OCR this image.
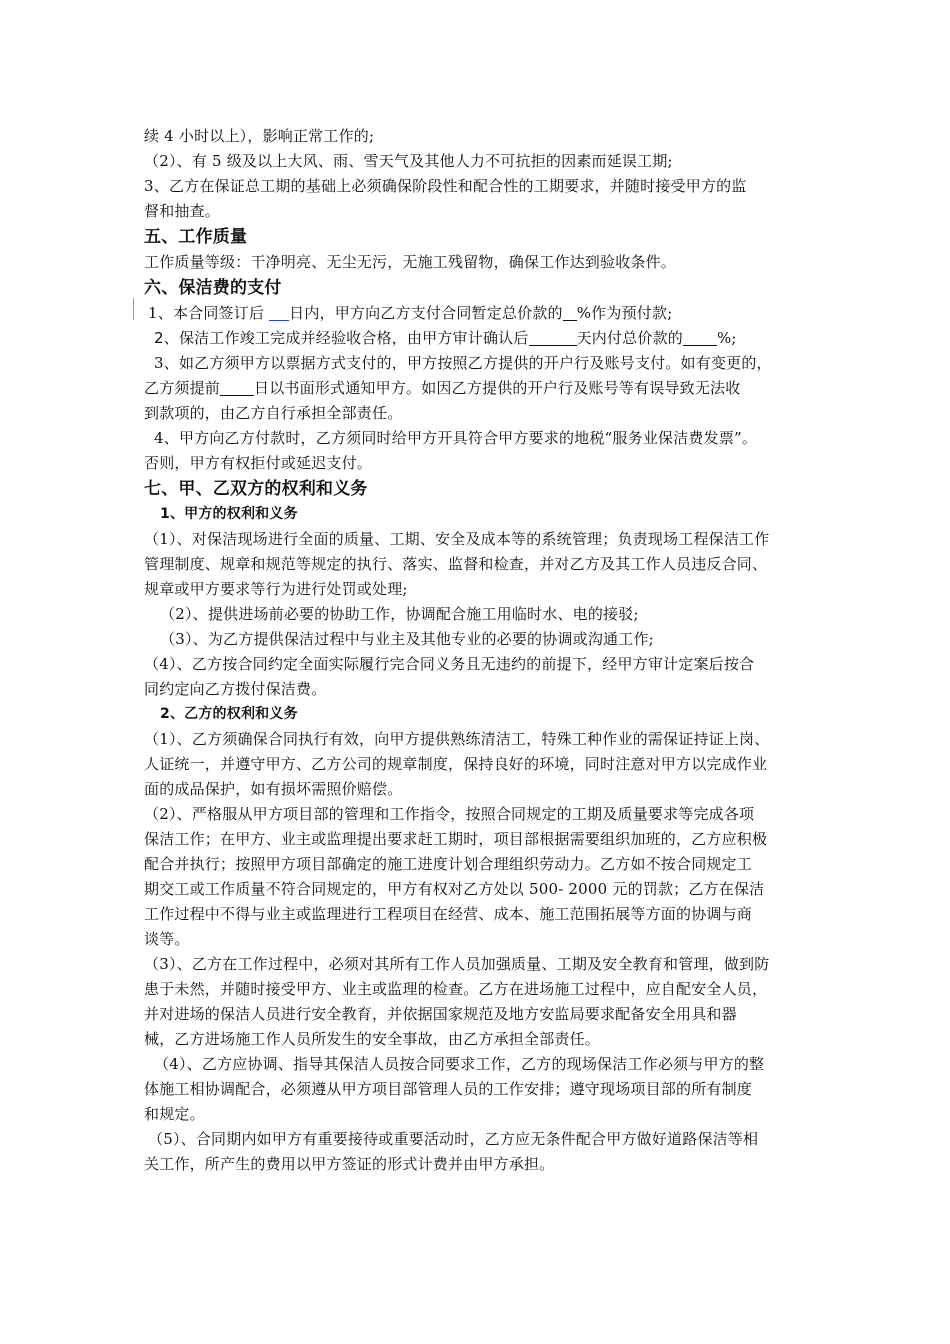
续 4 小时以上），影响正常工作的;
（2）、有 5 级及以上大风、雨、雪天气及其他人力不可抗拒的因素而延误工期;
3、乙方在保证总工期的基础上必须确保阶段性和配合性的工期要求，并随时接受甲方的监
督和抽查。
五、工作质量
工作质量等级：干净明亮、无尘无污，无施工残留物，确保工作达到验收条件。
六、保洁费的支付
1、本合同签订后 日内，甲方向乙方支付合同暂定总价款的 %作为预付款;
2、保洁工作竣工完成并经验收合格，由甲方审计确认后	天内付总价款的 %;
3、如乙方须甲方以票据方式支付的，甲方按照乙方提供的开户行及账号支付。如有变更的，
乙方须提前 日以书面形式通知甲方。如因乙方提供的开户行及账号等有误导致无法收
到款项的，由乙方自行承担全部责任。
4、甲方向乙方付款时，乙方须同时给甲方开具符合甲方要求的地税“服务业保洁费发票”。
否则，甲方有权拒付或延迟支付。
七、甲、乙双方的权利和义务
1、甲方的权利和义务
（1）、对保洁现场进行全面的质量、工期、安全及成本等的系统管理；负责现场工程保洁工作
管理制度、规章和规范等规定的执行、落实、监督和检查，并对乙方及其工作人员违反合同、
规章或甲方要求等行为进行处罚或处理;
（2）、提供进场前必要的协助工作，协调配合施工用临时水、电的接驳;
（3）、为乙方提供保洁过程中与业主及其他专业的必要的协调或沟通工作;
（4）、乙方按合同约定全面实际履行完合同义务且无违约的前提下，经甲方审计定案后按合
同约定向乙方拨付保洁费。
2、乙方的权利和义务
（1）、乙方须确保合同执行有效，向甲方提供熟练清洁工，特殊工种作业的需保证持证上岗、
人证统一，并遵守甲方、乙方公司的规章制度，保持良好的环境，同时注意对甲方以完成作业
面的成品保护，如有损坏需照价赔偿。
（2）、严格服从甲方项目部的管理和工作指令，按照合同规定的工期及质量要求等完成各项
保洁工作；在甲方、业主或监理提出要求赶工期时，项目部根据需要组织加班的，乙方应积极
配合并执行；按照甲方项目部确定的施工进度计划合理组织劳动力。乙方如不按合同规定工
期交工或工作质量不符合同规定的，甲方有权对乙方处以 500- 2000 元的罚款；乙方在保洁
工作过程中不得与业主或监理进行工程项目在经营、成本、施工范围拓展等方面的协调与商
谈等。
（3）、乙方在工作过程中，必须对其所有工作人员加强质量、工期及安全教育和管理，做到防
患于未然，并随时接受甲方、业主或监理的检查。乙方在进场施工过程中，应自配安全人员，
并对进场的保洁人员进行安全教育，并依据国家规范及地方安监局要求配备安全用具和器
械，乙方进场施工作人员所发生的安全事故，由乙方承担全部责任。
（4）、乙方应协调、指导其保洁人员按合同要求工作，乙方的现场保洁工作必须与甲方的整
体施工相协调配合，必须遵从甲方项目部管理人员的工作安排；遵守现场项目部的所有制度
和规定。
（5）、合同期内如甲方有重要接待或重要活动时，乙方应无条件配合甲方做好道路保洁等相
关工作，所产生的费用以甲方签证的形式计费并由甲方承担。
